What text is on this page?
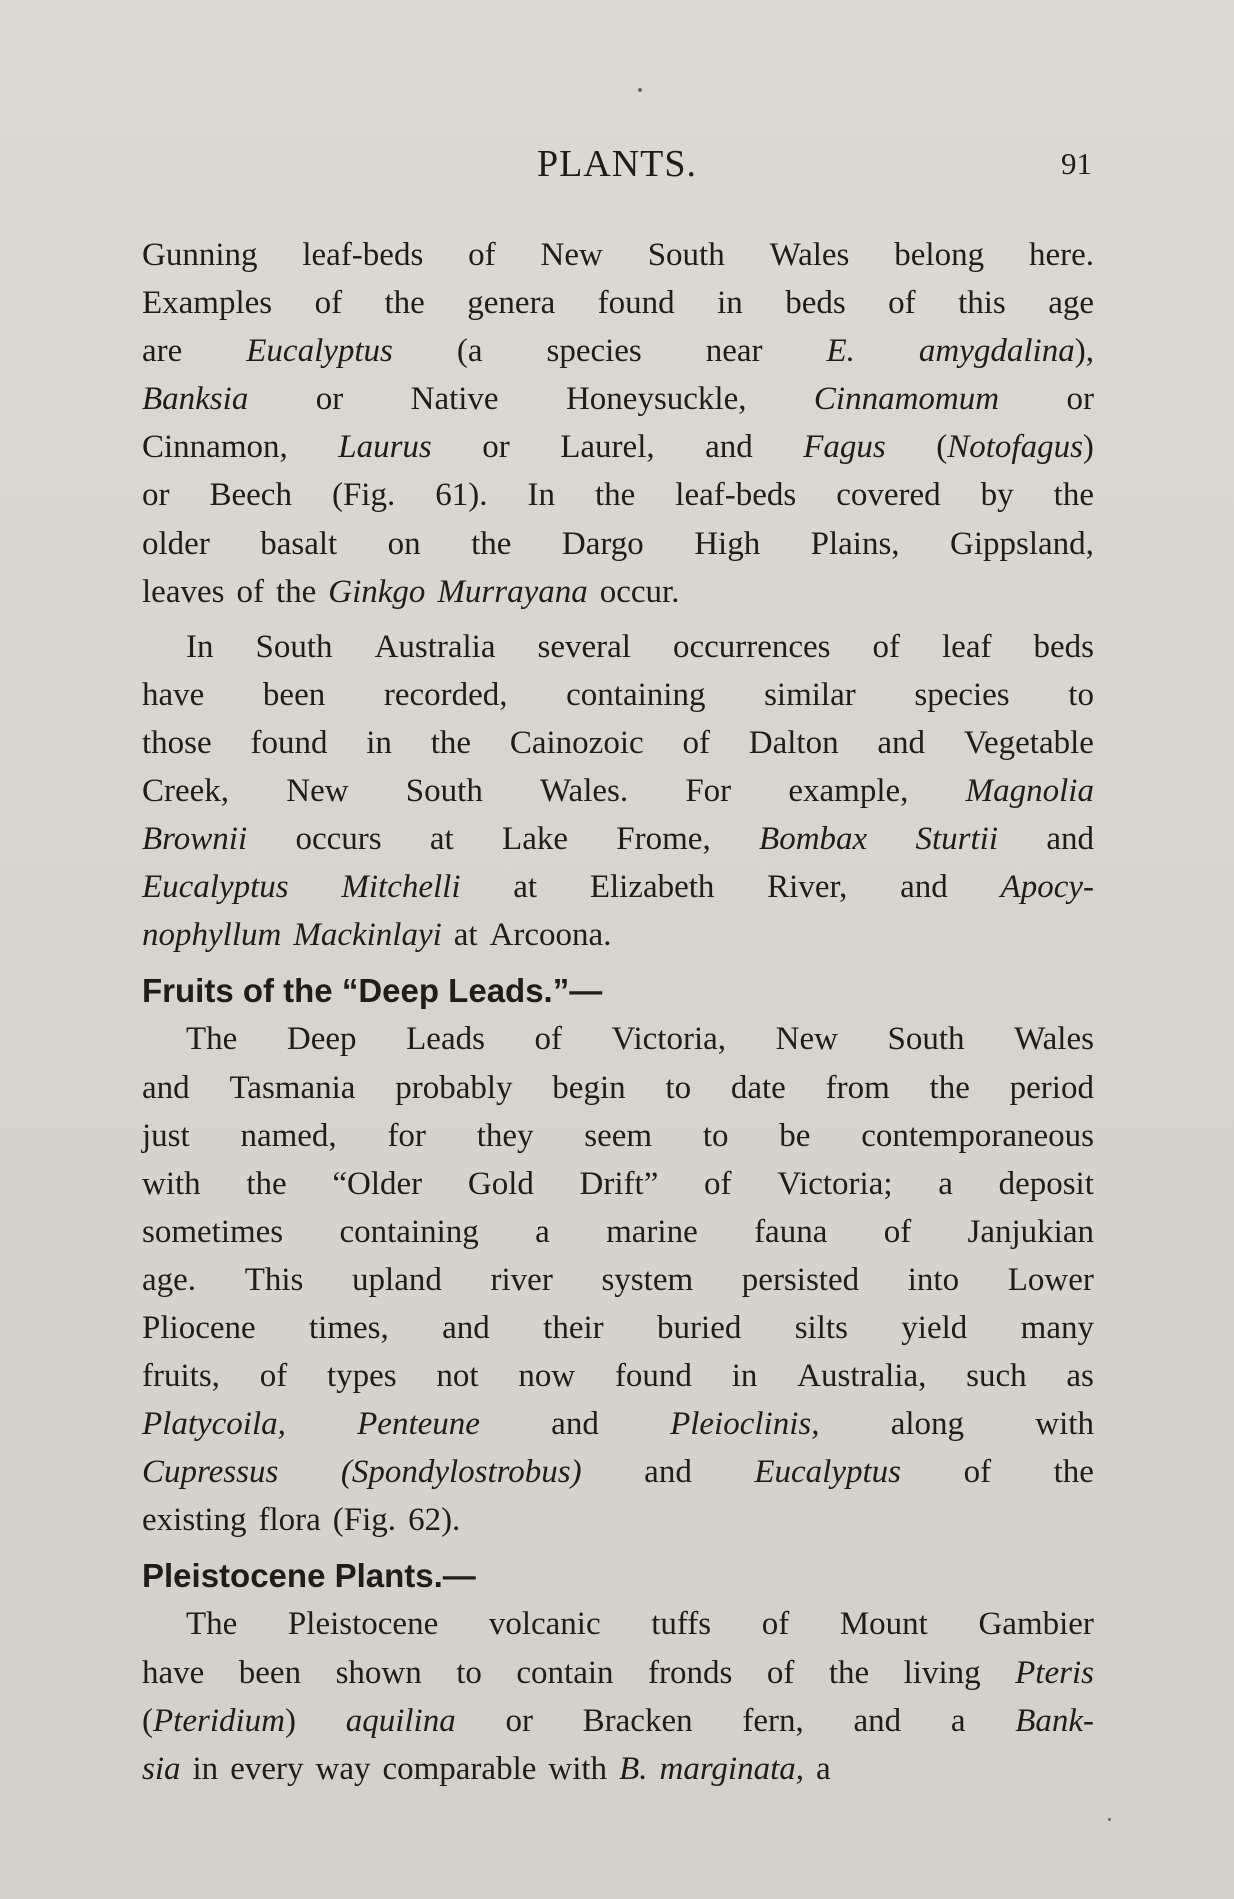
PLANTS.	91
Gunning leaf-beds of New South Wales belong here.
Examples of the genera found in beds of this age
are Eucalyptus (a species near E. amygdalina),
Banksia or Native Honeysuckle, Cinnamomum or
Cinnamon, Laurus or Laurel, and Fagus (Notofagus)
or Beech (Fig. 61). In the leaf-beds covered by the
older basalt on the Dargo High Plains, Gippsland,
leaves of the Ginkgo Murrayana occur.
In South Australia several occurrences of leaf beds
have been recorded, containing similar species to
those found in the Cainozoic of Dalton and Vegetable
Creek, New South Wales. For example, Magnolia
Brownii occurs at Lake Frome, Bombax Sturtii and
Eucalyptus Mitchelli at Elizabeth River, and Apocy-
nophyllum Mackinlayi at Arcoona.
Fruits of the “Deep Leads.”—
The Deep Leads of Victoria, New South Wales
and Tasmania probably begin to date from the period
just named, for they seem to be contemporaneous
with the “Older Gold Drift” of Victoria; a deposit
sometimes containing a marine fauna of Janjukian
age. This upland river system persisted into Lower
Pliocene times, and their buried silts yield many
fruits, of types not now found in Australia, such as
Platycoila, Penteune and Pleioclinis, along with
Cupressus (Spondylostrobus) and Eucalyptus of the
existing flora (Fig. 62).
Pleistocene Plants.—
The Pleistocene volcanic tuffs of Mount Gambier
have been shown to contain fronds of the living Pteris
(Pteridium) aquilina or Bracken fern, and a Bank-
sia in every way comparable with B. marginata, a
